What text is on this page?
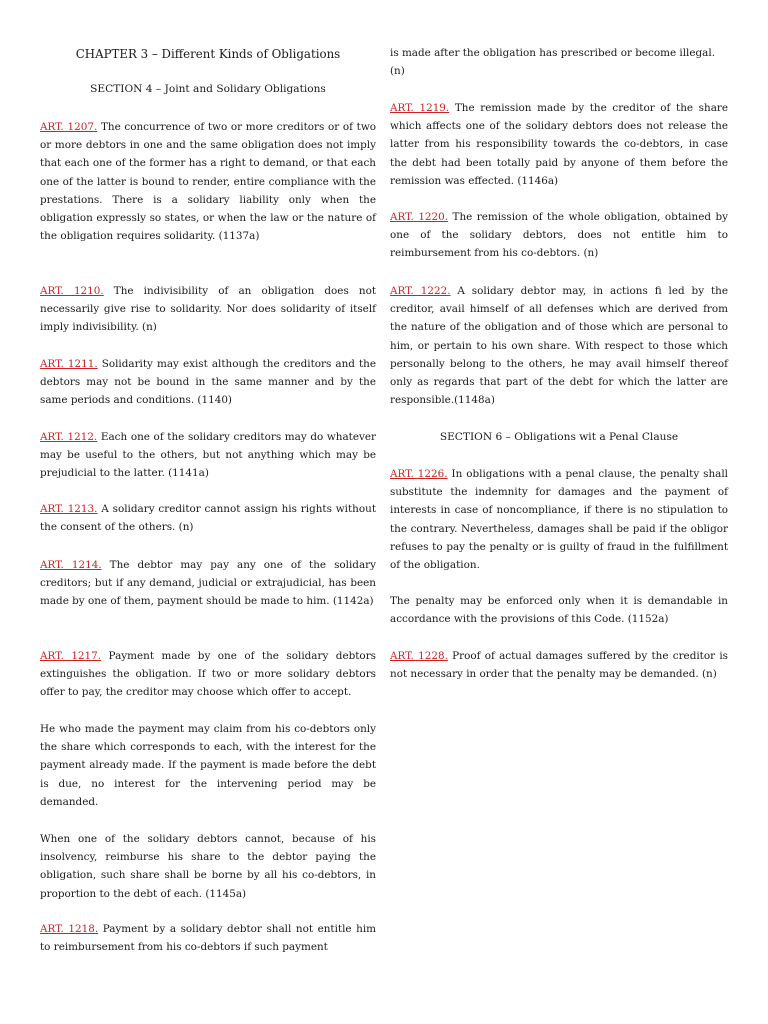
CHAPTER 3 – Different Kinds of Obligations
SECTION 4 – Joint and Solidary Obligations

ART. 1207. The concurrence of two or more creditors or of two or more debtors in one and the same obligation does not imply that each one of the former has a right to demand, or that each one of the latter is bound to render, entire compliance with the prestations. There is a solidary liability only when the obligation expressly so states, or when the law or the nature of the obligation requires solidarity. (1137a)

ART. 1210. The indivisibility of an obligation does not necessarily give rise to solidarity. Nor does solidarity of itself imply indivisibility. (n)

ART. 1211. Solidarity may exist although the creditors and the debtors may not be bound in the same manner and by the same periods and conditions. (1140)

ART. 1212. Each one of the solidary creditors may do whatever may be useful to the others, but not anything which may be prejudicial to the latter. (1141a)

ART. 1213. A solidary creditor cannot assign his rights without the consent of the others. (n)

ART. 1214. The debtor may pay any one of the solidary creditors; but if any demand, judicial or extrajudicial, has been made by one of them, payment should be made to him. (1142a)

ART. 1217. Payment made by one of the solidary debtors extinguishes the obligation. If two or more solidary debtors offer to pay, the creditor may choose which offer to accept.

He who made the payment may claim from his co-debtors only the share which corresponds to each, with the interest for the payment already made. If the payment is made before the debt is due, no interest for the intervening period may be demanded.

When one of the solidary debtors cannot, because of his insolvency, reimburse his share to the debtor paying the obligation, such share shall be borne by all his co-debtors, in proportion to the debt of each. (1145a)

ART. 1218. Payment by a solidary debtor shall not entitle him to reimbursement from his co-debtors if such payment

is made after the obligation has prescribed or become illegal. (n)

ART. 1219. The remission made by the creditor of the share which affects one of the solidary debtors does not release the latter from his responsibility towards the co-debtors, in case the debt had been totally paid by anyone of them before the remission was effected. (1146a)

ART. 1220. The remission of the whole obligation, obtained by one of the solidary debtors, does not entitle him to reimbursement from his co-debtors. (n)

ART. 1222. A solidary debtor may, in actions fi led by the creditor, avail himself of all defenses which are derived from the nature of the obligation and of those which are personal to him, or pertain to his own share. With respect to those which personally belong to the others, he may avail himself thereof only as regards that part of the debt for which the latter are responsible.(1148a)

SECTION 6 – Obligations wit a Penal Clause

ART. 1226. In obligations with a penal clause, the penalty shall substitute the indemnity for damages and the payment of interests in case of noncompliance, if there is no stipulation to the contrary. Nevertheless, damages shall be paid if the obligor refuses to pay the penalty or is guilty of fraud in the fulfillment of the obligation.

The penalty may be enforced only when it is demandable in accordance with the provisions of this Code. (1152a)

ART. 1228. Proof of actual damages suffered by the creditor is not necessary in order that the penalty may be demanded. (n)
